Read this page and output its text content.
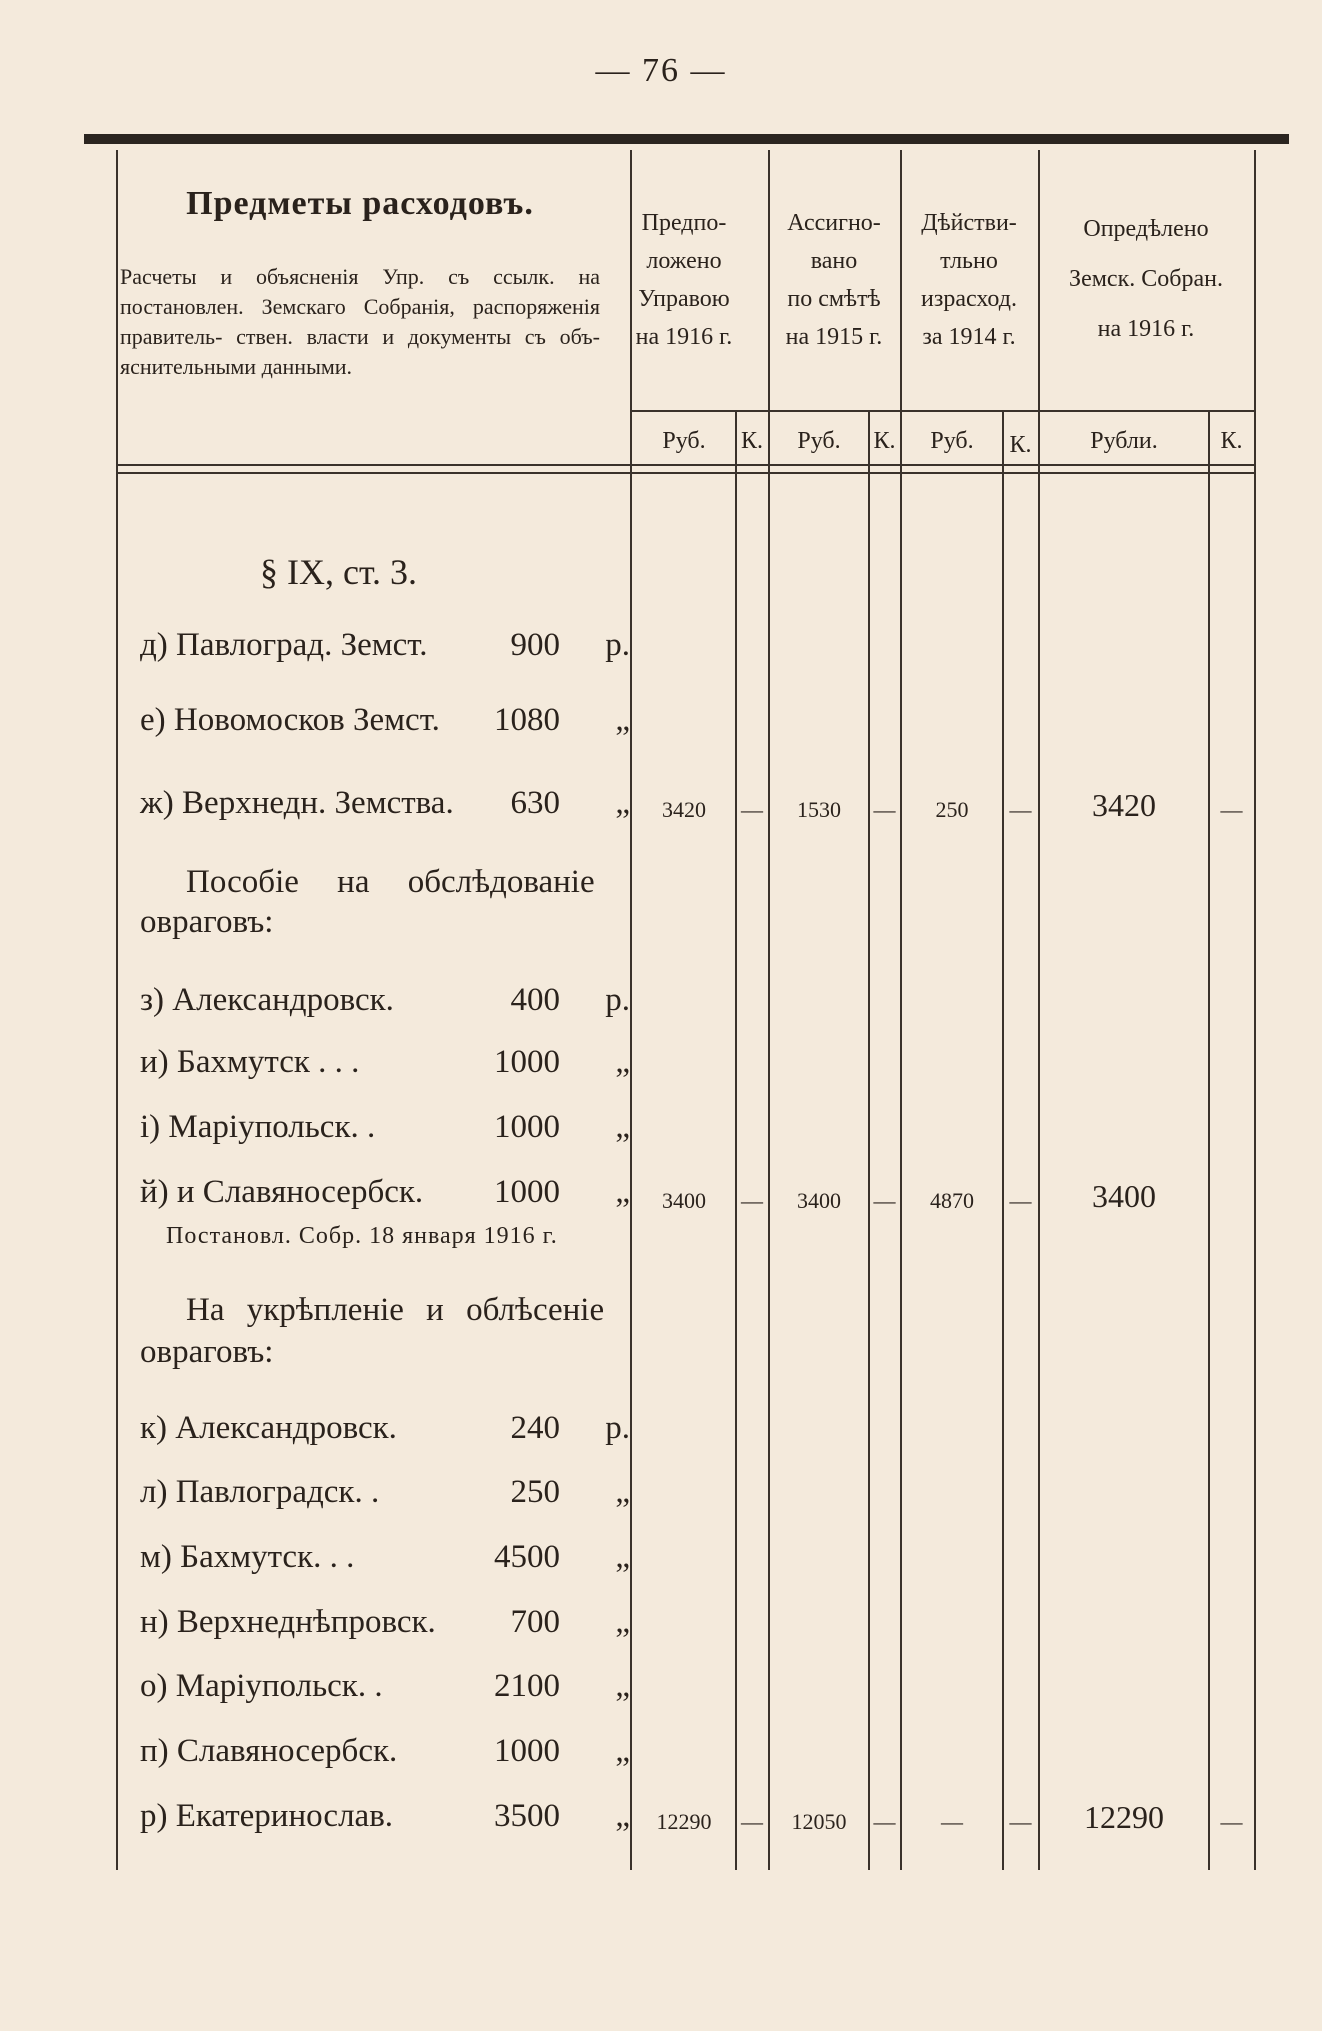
— 76 —
Предметы расходовъ.
Расчеты и объясненія Упр. съ ссылк. на постановлен. Земскаго Собранія, распоряженія правитель- ствен. власти и документы съ объ- яснительными данными.
Предпо-
ложено
Управою
на 1916 г.
Ассигно-
вано
по смѣтѣ
на 1915 г.
Дѣйстви-
тльно
израсход.
за 1914 г.
Опредѣлено
Земск. Собран.
на 1916 г.
Руб.	К.	Руб.	К.	Руб.	К.	Рубли.	К.
§ IX, ст. 3.
д) Павлоград. Земст.	900 р.
е) Новомосков Земст. 1080 „
ж) Верхнедн. Земства. 630 „	3420	—	1530	—	250	—	3420	—
Пособіе на обслѣдованіе
овраговъ:
з) Александровск.	400 р.
и) Бахмутск . . .	1000 „
і) Маріупольск. .	1000 „
й) и Славяносербск. 1000 „
Постановл. Собр. 18 января 1916 г.
3400	—	3400	—	4870	—	3400
На укрѣпленіе и облѣсеніе
овраговъ:
к) Александровск.	240 р.
л) Павлоградск. .	250 „
м) Бахмутск. . .	4500 „
н) Верхнеднѣпровск. 700 „
о) Маріупольск. .	2100 „
п) Славяносербск.	1000 „
р) Екатеринослав.	3500 „	12290	—	12050	—	—	—	12290	—
